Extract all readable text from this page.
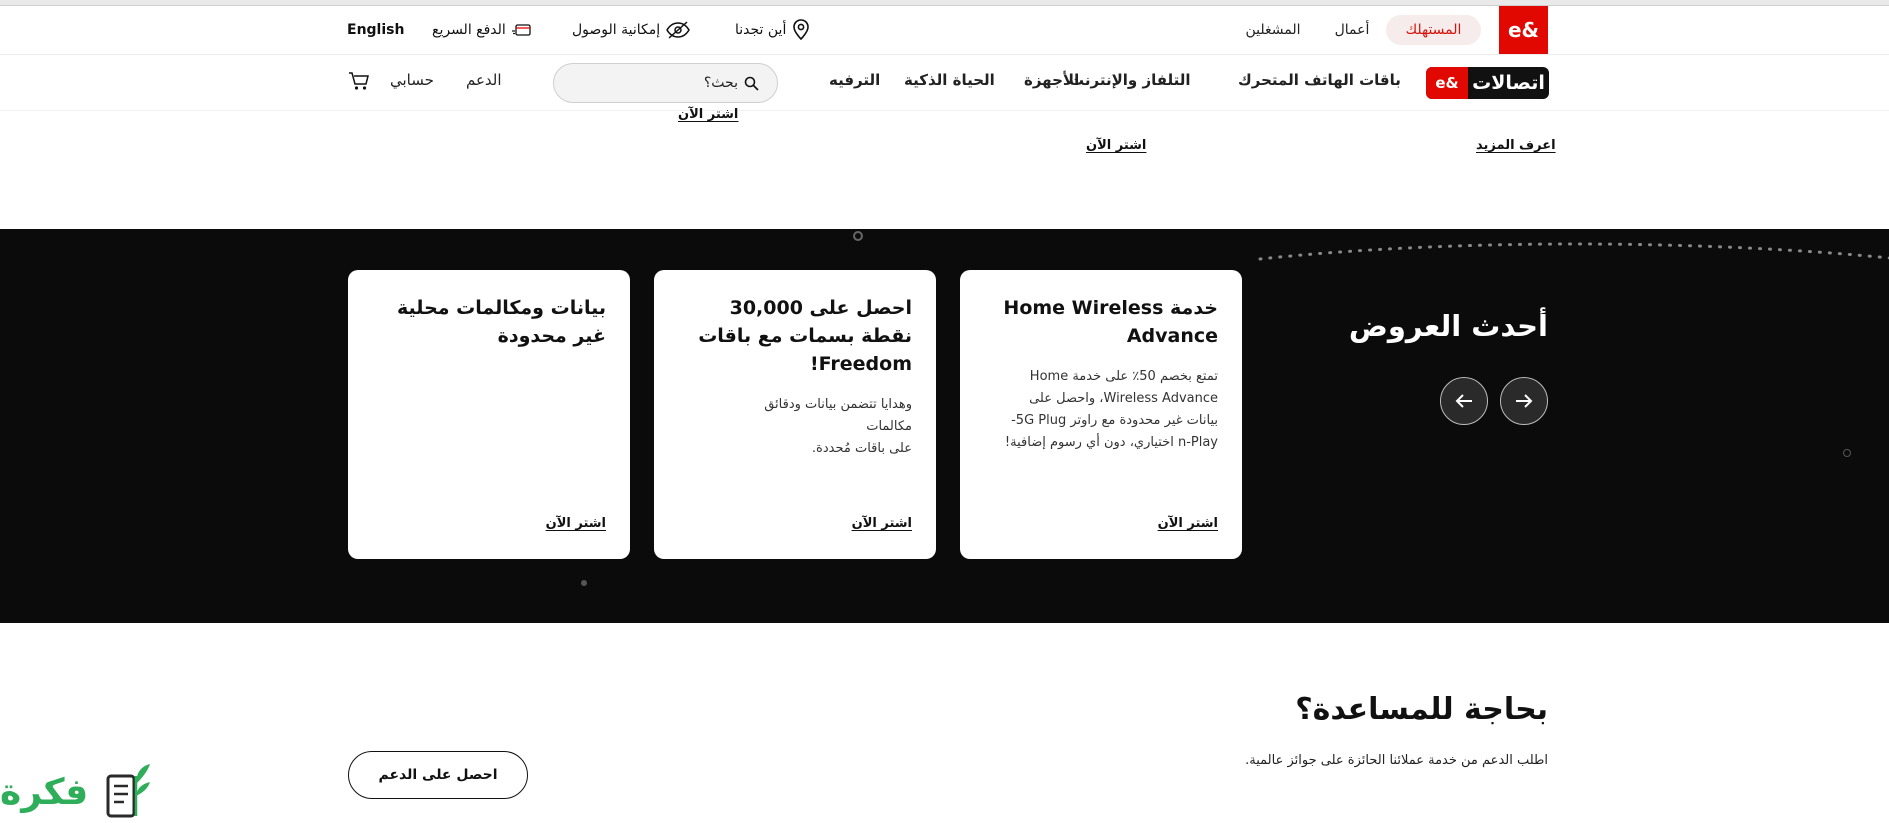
e&
المستهلك
أعمال
المشغلين
أين تجدنا
إمكانية الوصول
الدفع السريع
English
e& اتصالات
باقات الهاتف المتحرك
التلفاز والإنترنت
الأجهزة
الحياة الذكية
الترفيه
بحث؟
الدعم
حسابي
اشتر الآن
اعرف المزيد
اشتر الآن
أحدث العروض
خدمة Home Wireless Advance
تمتع بخصم 50٪ على خدمة Home
Wireless Advance، واحصل على
بيانات غير محدودة مع راوتر 5G Plug-
n-Play اختياري، دون أي رسوم إضافية!
اشتر الآن
احصل على 30,000 نقطة بسمات مع باقات Freedom!
وهدايا تتضمن بيانات ودقائق
مكالمات
على باقات مُحددة.
اشتر الآن
بيانات ومكالمات محلية غير محدودة
اشتر الآن
بحاجة للمساعدة؟
اطلب الدعم من خدمة عملائنا الحائزة على جوائز عالمية.
احصل على الدعم
فكرة
